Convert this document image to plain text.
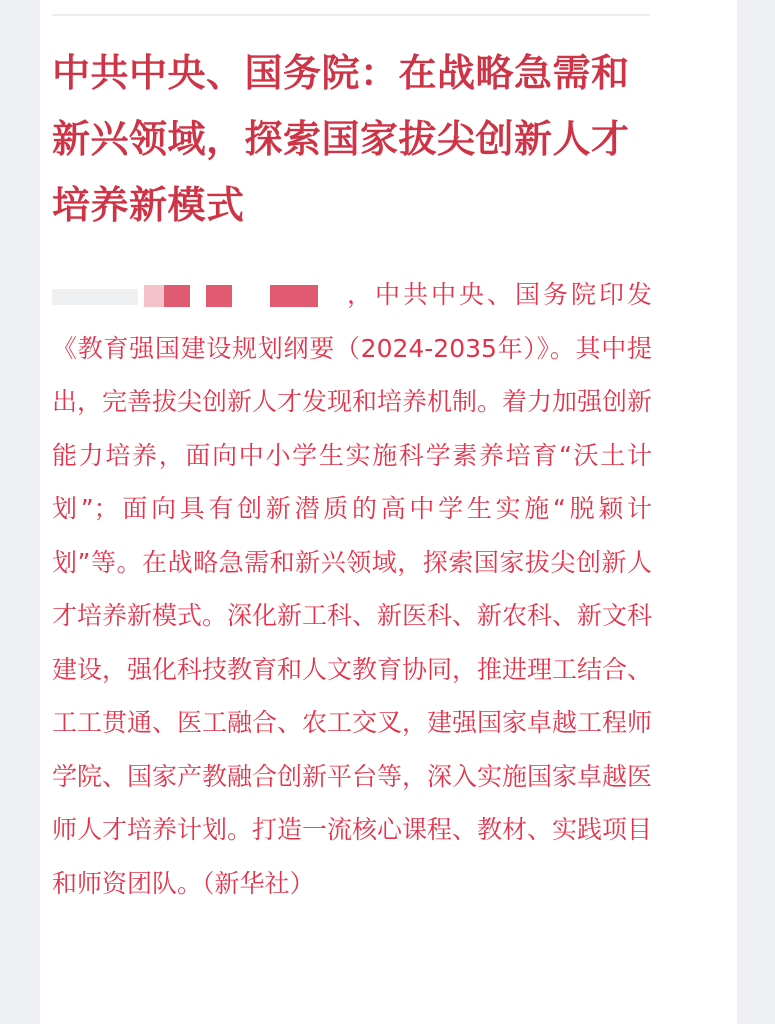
中共中央、国务院：在战略急需和新兴领域，探索国家拔尖创新人才培养新模式

，中共中央、国务院印发《教育强国建设规划纲要（2024-2035年）》。其中提出，完善拔尖创新人才发现和培养机制。着力加强创新能力培养，面向中小学生实施科学素养培育“沃土计划”；面向具有创新潜质的高中学生实施“脱颖计划”等。在战略急需和新兴领域，探索国家拔尖创新人才培养新模式。深化新工科、新医科、新农科、新文科建设，强化科技教育和人文教育协同，推进理工结合、工工贯通、医工融合、农工交叉，建强国家卓越工程师学院、国家产教融合创新平台等，深入实施国家卓越医师人才培养计划。打造一流核心课程、教材、实践项目和师资团队。（新华社）
